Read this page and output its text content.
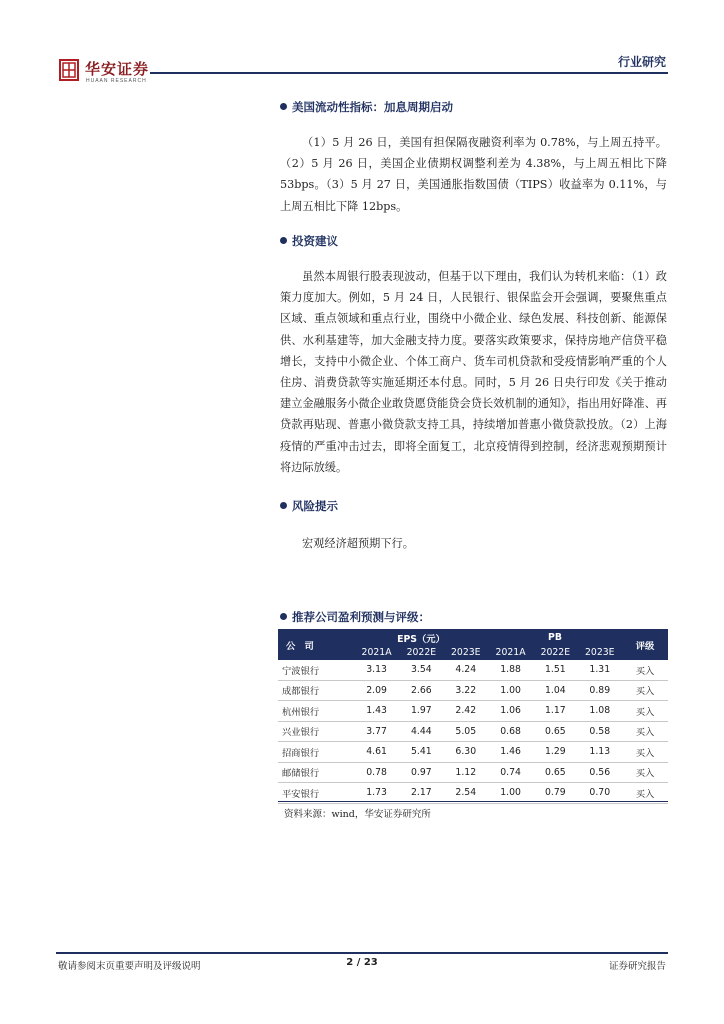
华安证券
HUAAN RESEARCH
行业研究
美国流动性指标：加息周期启动

（1）5 月 26 日，美国有担保隔夜融资利率为 0.78%，与上周五持平。（2）5 月 26 日，美国企业债期权调整利差为 4.38%，与上周五相比下降 53bps。（3）5 月 27 日，美国通胀指数国债（TIPS）收益率为 0.11%，与上周五相比下降 12bps。

投资建议

虽然本周银行股表现波动，但基于以下理由，我们认为转机来临：（1）政策力度加大。例如，5 月 24 日，人民银行、银保监会开会强调，要聚焦重点区域、重点领域和重点行业，围绕中小微企业、绿色发展、科技创新、能源保供、水利基建等，加大金融支持力度。要落实政策要求，保持房地产信贷平稳增长，支持中小微企业、个体工商户、货车司机贷款和受疫情影响严重的个人住房、消费贷款等实施延期还本付息。同时，5 月 26 日央行印发《关于推动建立金融服务小微企业敢贷愿贷能贷会贷长效机制的通知》，指出用好降准、再贷款再贴现、普惠小微贷款支持工具，持续增加普惠小微贷款投放。（2）上海疫情的严重冲击过去，即将全面复工，北京疫情得到控制，经济悲观预期预计将边际放缓。

风险提示

宏观经济超预期下行。

推荐公司盈利预测与评级：
公 司	EPS（元）			PB			评级
	2021A	2022E	2023E	2021A	2022E	2023E	
宁波银行	3.13	3.54	4.24	1.88	1.51	1.31	买入
成都银行	2.09	2.66	3.22	1.00	1.04	0.89	买入
杭州银行	1.43	1.97	2.42	1.06	1.17	1.08	买入
兴业银行	3.77	4.44	5.05	0.68	0.65	0.58	买入
招商银行	4.61	5.41	6.30	1.46	1.29	1.13	买入
邮储银行	0.78	0.97	1.12	0.74	0.65	0.56	买入
平安银行	1.73	2.17	2.54	1.00	0.79	0.70	买入
资料来源：wind，华安证券研究所
敬请参阅末页重要声明及评级说明	2 / 23	证券研究报告
